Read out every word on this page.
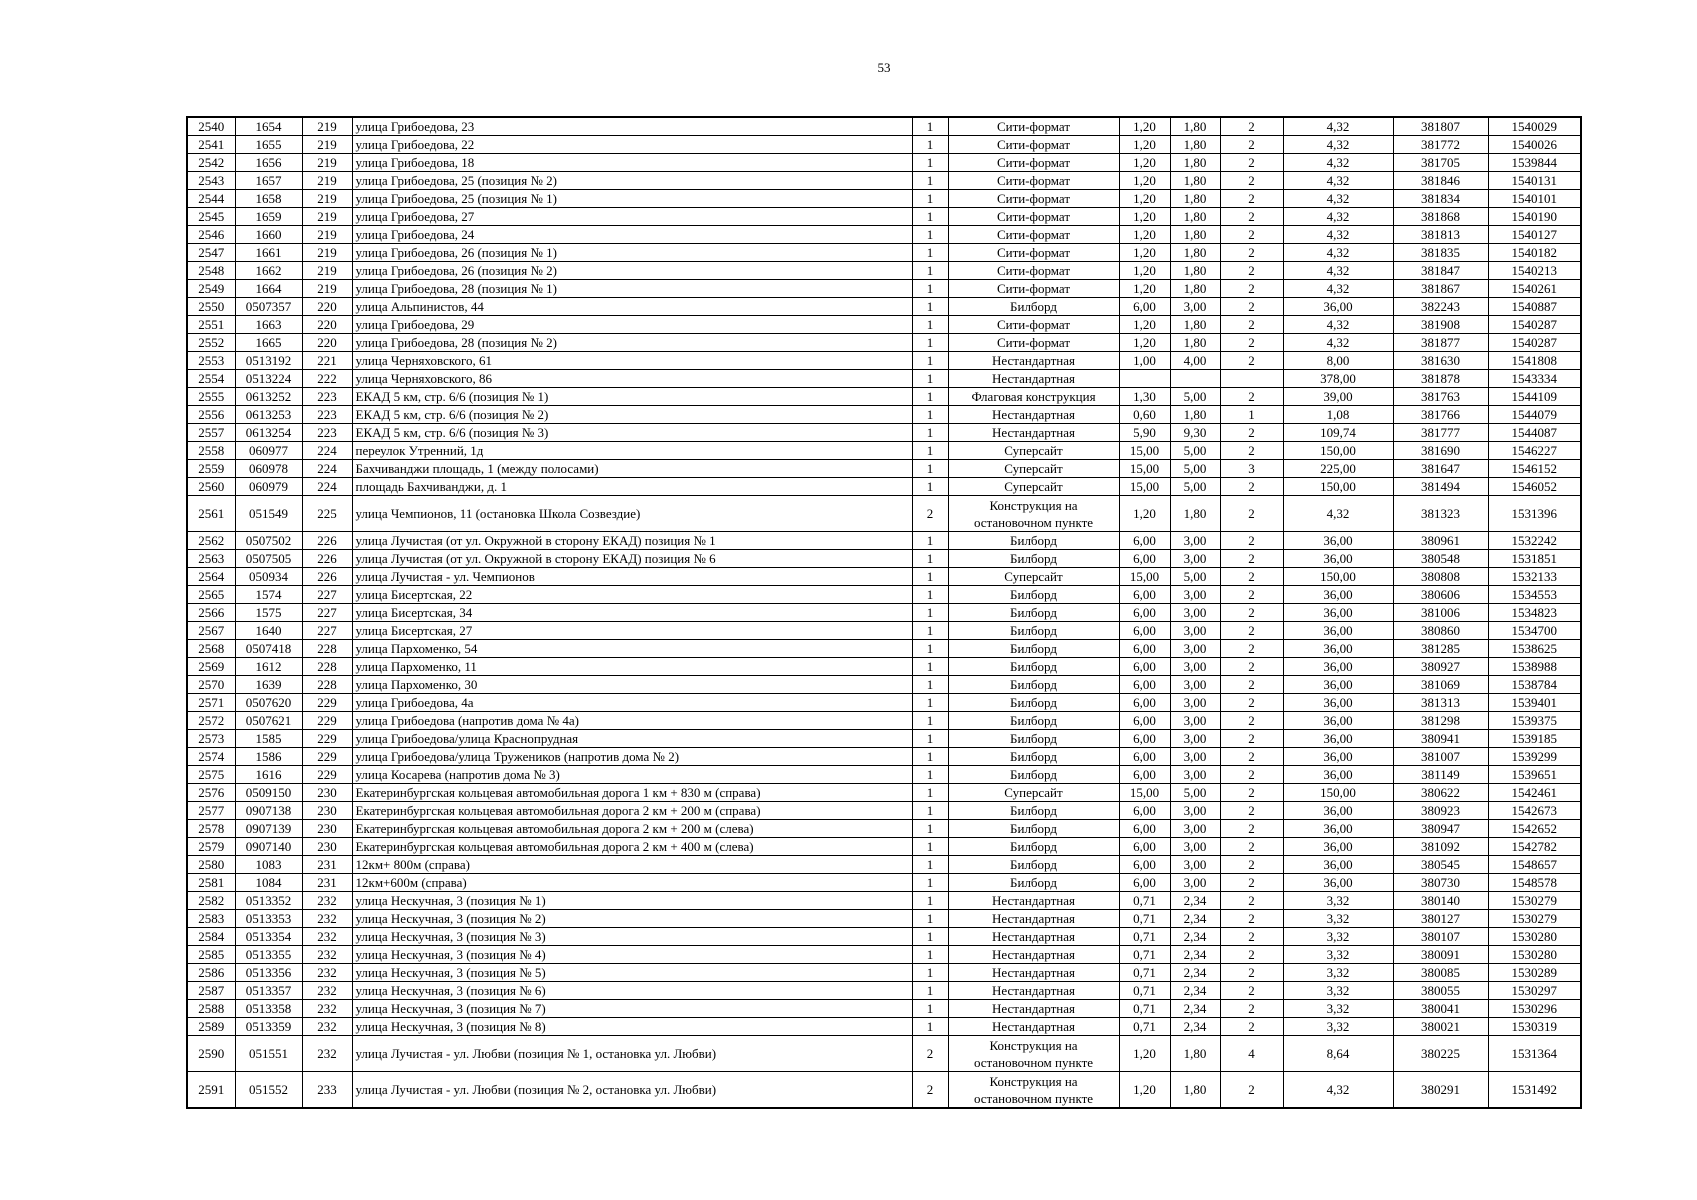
53
2540	1654	219	улица Грибоедова, 23	1	Сити-формат	1,20	1,80	2	4,32	381807	1540029
2541	1655	219	улица Грибоедова, 22	1	Сити-формат	1,20	1,80	2	4,32	381772	1540026
2542	1656	219	улица Грибоедова, 18	1	Сити-формат	1,20	1,80	2	4,32	381705	1539844
2543	1657	219	улица Грибоедова, 25 (позиция № 2)	1	Сити-формат	1,20	1,80	2	4,32	381846	1540131
2544	1658	219	улица Грибоедова, 25 (позиция № 1)	1	Сити-формат	1,20	1,80	2	4,32	381834	1540101
2545	1659	219	улица Грибоедова, 27	1	Сити-формат	1,20	1,80	2	4,32	381868	1540190
2546	1660	219	улица Грибоедова, 24	1	Сити-формат	1,20	1,80	2	4,32	381813	1540127
2547	1661	219	улица Грибоедова, 26 (позиция № 1)	1	Сити-формат	1,20	1,80	2	4,32	381835	1540182
2548	1662	219	улица Грибоедова, 26 (позиция № 2)	1	Сити-формат	1,20	1,80	2	4,32	381847	1540213
2549	1664	219	улица Грибоедова, 28 (позиция № 1)	1	Сити-формат	1,20	1,80	2	4,32	381867	1540261
2550	0507357	220	улица Альпинистов, 44	1	Билборд	6,00	3,00	2	36,00	382243	1540887
2551	1663	220	улица Грибоедова, 29	1	Сити-формат	1,20	1,80	2	4,32	381908	1540287
2552	1665	220	улица Грибоедова, 28 (позиция № 2)	1	Сити-формат	1,20	1,80	2	4,32	381877	1540287
2553	0513192	221	улица Черняховского, 61	1	Нестандартная	1,00	4,00	2	8,00	381630	1541808
2554	0513224	222	улица Черняховского, 86	1	Нестандартная				378,00	381878	1543334
2555	0613252	223	ЕКАД 5 км, стр. 6/6 (позиция № 1)	1	Флаговая конструкция	1,30	5,00	2	39,00	381763	1544109
2556	0613253	223	ЕКАД 5 км, стр. 6/6 (позиция № 2)	1	Нестандартная	0,60	1,80	1	1,08	381766	1544079
2557	0613254	223	ЕКАД 5 км, стр. 6/6 (позиция № 3)	1	Нестандартная	5,90	9,30	2	109,74	381777	1544087
2558	060977	224	переулок Утренний, 1д	1	Суперсайт	15,00	5,00	2	150,00	381690	1546227
2559	060978	224	Бахчиванджи площадь, 1 (между полосами)	1	Суперсайт	15,00	5,00	3	225,00	381647	1546152
2560	060979	224	площадь Бахчиванджи, д. 1	1	Суперсайт	15,00	5,00	2	150,00	381494	1546052
2561	051549	225	улица Чемпионов, 11 (остановка Школа Созвездие)	2	Конструкция на остановочном пункте	1,20	1,80	2	4,32	381323	1531396
2562	0507502	226	улица Лучистая (от ул. Окружной в сторону ЕКАД) позиция № 1	1	Билборд	6,00	3,00	2	36,00	380961	1532242
2563	0507505	226	улица Лучистая (от ул. Окружной в сторону ЕКАД) позиция № 6	1	Билборд	6,00	3,00	2	36,00	380548	1531851
2564	050934	226	улица Лучистая - ул. Чемпионов	1	Суперсайт	15,00	5,00	2	150,00	380808	1532133
2565	1574	227	улица Бисертская, 22	1	Билборд	6,00	3,00	2	36,00	380606	1534553
2566	1575	227	улица Бисертская, 34	1	Билборд	6,00	3,00	2	36,00	381006	1534823
2567	1640	227	улица Бисертская, 27	1	Билборд	6,00	3,00	2	36,00	380860	1534700
2568	0507418	228	улица Пархоменко, 54	1	Билборд	6,00	3,00	2	36,00	381285	1538625
2569	1612	228	улица Пархоменко, 11	1	Билборд	6,00	3,00	2	36,00	380927	1538988
2570	1639	228	улица Пархоменко, 30	1	Билборд	6,00	3,00	2	36,00	381069	1538784
2571	0507620	229	улица Грибоедова, 4а	1	Билборд	6,00	3,00	2	36,00	381313	1539401
2572	0507621	229	улица Грибоедова (напротив дома № 4а)	1	Билборд	6,00	3,00	2	36,00	381298	1539375
2573	1585	229	улица Грибоедова/улица Краснопрудная	1	Билборд	6,00	3,00	2	36,00	380941	1539185
2574	1586	229	улица Грибоедова/улица Тружеников (напротив дома № 2)	1	Билборд	6,00	3,00	2	36,00	381007	1539299
2575	1616	229	улица Косарева (напротив дома № 3)	1	Билборд	6,00	3,00	2	36,00	381149	1539651
2576	0509150	230	Екатеринбургская кольцевая автомобильная дорога 1 км + 830 м (справа)	1	Суперсайт	15,00	5,00	2	150,00	380622	1542461
2577	0907138	230	Екатеринбургская кольцевая автомобильная дорога 2 км + 200 м (справа)	1	Билборд	6,00	3,00	2	36,00	380923	1542673
2578	0907139	230	Екатеринбургская кольцевая автомобильная дорога 2 км + 200 м (слева)	1	Билборд	6,00	3,00	2	36,00	380947	1542652
2579	0907140	230	Екатеринбургская кольцевая автомобильная дорога 2 км + 400 м (слева)	1	Билборд	6,00	3,00	2	36,00	381092	1542782
2580	1083	231	12км+ 800м (справа)	1	Билборд	6,00	3,00	2	36,00	380545	1548657
2581	1084	231	12км+600м (справа)	1	Билборд	6,00	3,00	2	36,00	380730	1548578
2582	0513352	232	улица Нескучная, 3 (позиция № 1)	1	Нестандартная	0,71	2,34	2	3,32	380140	1530279
2583	0513353	232	улица Нескучная, 3 (позиция № 2)	1	Нестандартная	0,71	2,34	2	3,32	380127	1530279
2584	0513354	232	улица Нескучная, 3 (позиция № 3)	1	Нестандартная	0,71	2,34	2	3,32	380107	1530280
2585	0513355	232	улица Нескучная, 3 (позиция № 4)	1	Нестандартная	0,71	2,34	2	3,32	380091	1530280
2586	0513356	232	улица Нескучная, 3 (позиция № 5)	1	Нестандартная	0,71	2,34	2	3,32	380085	1530289
2587	0513357	232	улица Нескучная, 3 (позиция № 6)	1	Нестандартная	0,71	2,34	2	3,32	380055	1530297
2588	0513358	232	улица Нескучная, 3 (позиция № 7)	1	Нестандартная	0,71	2,34	2	3,32	380041	1530296
2589	0513359	232	улица Нескучная, 3 (позиция № 8)	1	Нестандартная	0,71	2,34	2	3,32	380021	1530319
2590	051551	232	улица Лучистая - ул. Любви (позиция № 1, остановка ул. Любви)	2	Конструкция на остановочном пункте	1,20	1,80	4	8,64	380225	1531364
2591	051552	233	улица Лучистая - ул. Любви (позиция № 2, остановка ул. Любви)	2	Конструкция на остановочном пункте	1,20	1,80	2	4,32	380291	1531492
